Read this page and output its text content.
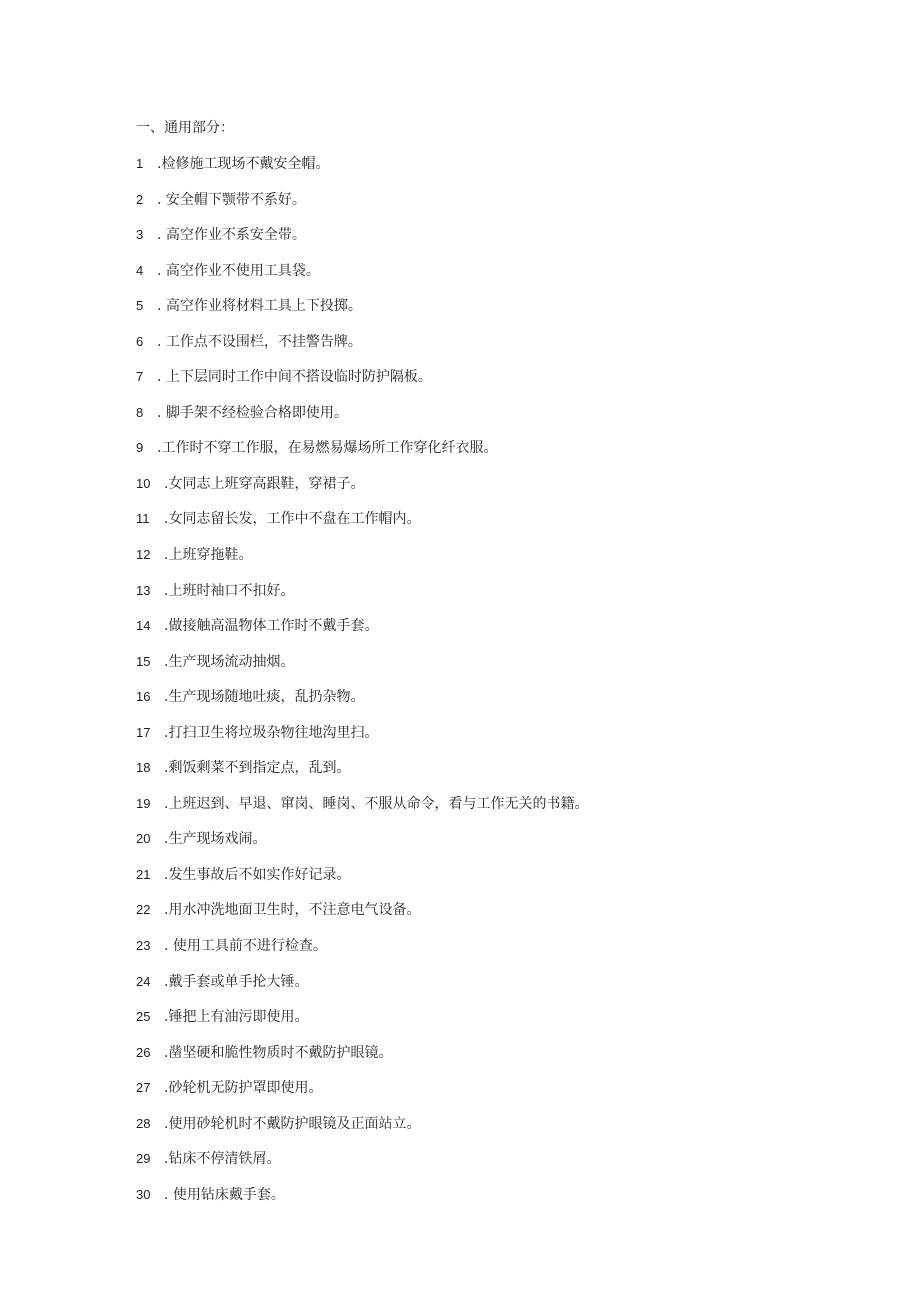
一、通用部分：
1 .检修施工现场不戴安全帽。
2 . 安全帽下颚带不系好。
3 . 高空作业不系安全带。
4 . 高空作业不使用工具袋。
5 . 高空作业将材料工具上下投掷。
6 . 工作点不设围栏，不挂警告牌。
7 . 上下层同时工作中间不搭设临时防护隔板。
8 . 脚手架不经检验合格即使用。
9 .工作时不穿工作服，在易燃易爆场所工作穿化纤衣服。
10 .女同志上班穿高跟鞋，穿裙子。
11 .女同志留长发，工作中不盘在工作帽内。
12 .上班穿拖鞋。
13 .上班时袖口不扣好。
14 .做接触高温物体工作时不戴手套。
15 .生产现场流动抽烟。
16 .生产现场随地吐痰，乱扔杂物。
17 .打扫卫生将垃圾杂物往地沟里扫。
18 .剩饭剩菜不到指定点，乱到。
19 .上班迟到、早退、窜岗、睡岗、不服从命令，看与工作无关的书籍。
20 .生产现场戏闹。
21 .发生事故后不如实作好记录。
22 .用水冲洗地面卫生时，不注意电气设备。
23 . 使用工具前不进行检查。
24 .戴手套或单手抡大锤。
25 .锤把上有油污即使用。
26 .凿坚硬和脆性物质时不戴防护眼镜。
27 .砂轮机无防护罩即使用。
28 .使用砂轮机时不戴防护眼镜及正面站立。
29 .钻床不停清铁屑。
30 . 使用钻床戴手套。
